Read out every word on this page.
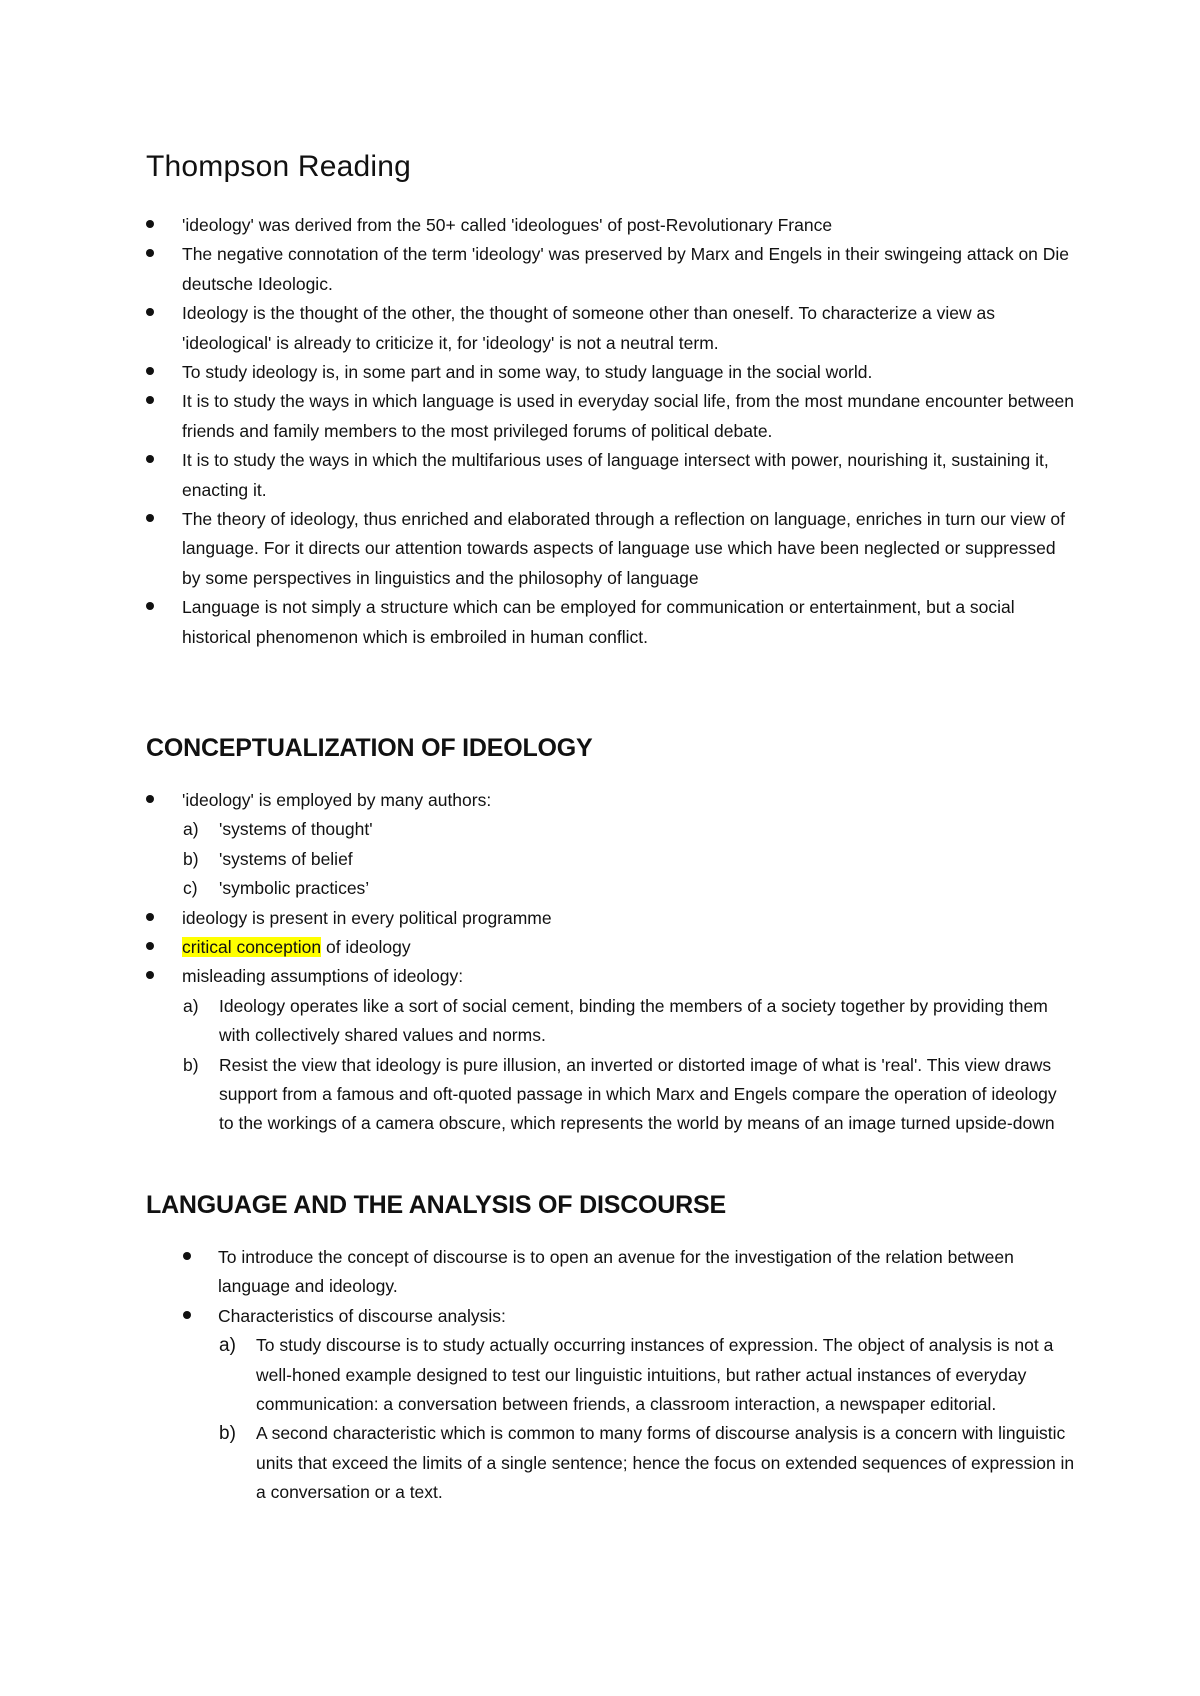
Thompson Reading
'ideology' was derived from the 50+ called 'ideologues' of post-Revolutionary France
The negative connotation of the term 'ideology' was preserved by Marx and Engels in their swingeing attack on Die deutsche Ideologic.
Ideology is the thought of the other, the thought of someone other than oneself. To characterize a view as 'ideological' is already to criticize it, for 'ideology' is not a neutral term.
To study ideology is, in some part and in some way, to study language in the social world.
It is to study the ways in which language is used in everyday social life, from the most mundane encounter between friends and family members to the most privileged forums of political debate.
It is to study the ways in which the multifarious uses of language intersect with power, nourishing it, sustaining it, enacting it.
The theory of ideology, thus enriched and elaborated through a reflection on language, enriches in turn our view of language. For it directs our attention towards aspects of language use which have been neglected or suppressed by some perspectives in linguistics and the philosophy of language
Language is not simply a structure which can be employed for communication or entertainment, but a social historical phenomenon which is embroiled in human conflict.
CONCEPTUALIZATION OF IDEOLOGY
'ideology' is employed by many authors:
a) 'systems of thought'
b) 'systems of belief
c) 'symbolic practices’
ideology is present in every political programme
critical conception of ideology
misleading assumptions of ideology:
a) Ideology operates like a sort of social cement, binding the members of a society together by providing them with collectively shared values and norms.
b) Resist the view that ideology is pure illusion, an inverted or distorted image of what is 'real'. This view draws support from a famous and oft-quoted passage in which Marx and Engels compare the operation of ideology to the workings of a camera obscure, which represents the world by means of an image turned upside-down
LANGUAGE AND THE ANALYSIS OF DISCOURSE
To introduce the concept of discourse is to open an avenue for the investigation of the relation between language and ideology.
Characteristics of discourse analysis:
a) To study discourse is to study actually occurring instances of expression. The object of analysis is not a well-honed example designed to test our linguistic intuitions, but rather actual instances of everyday communication: a conversation between friends, a classroom interaction, a newspaper editorial.
b) A second characteristic which is common to many forms of discourse analysis is a concern with linguistic units that exceed the limits of a single sentence; hence the focus on extended sequences of expression in a conversation or a text.
